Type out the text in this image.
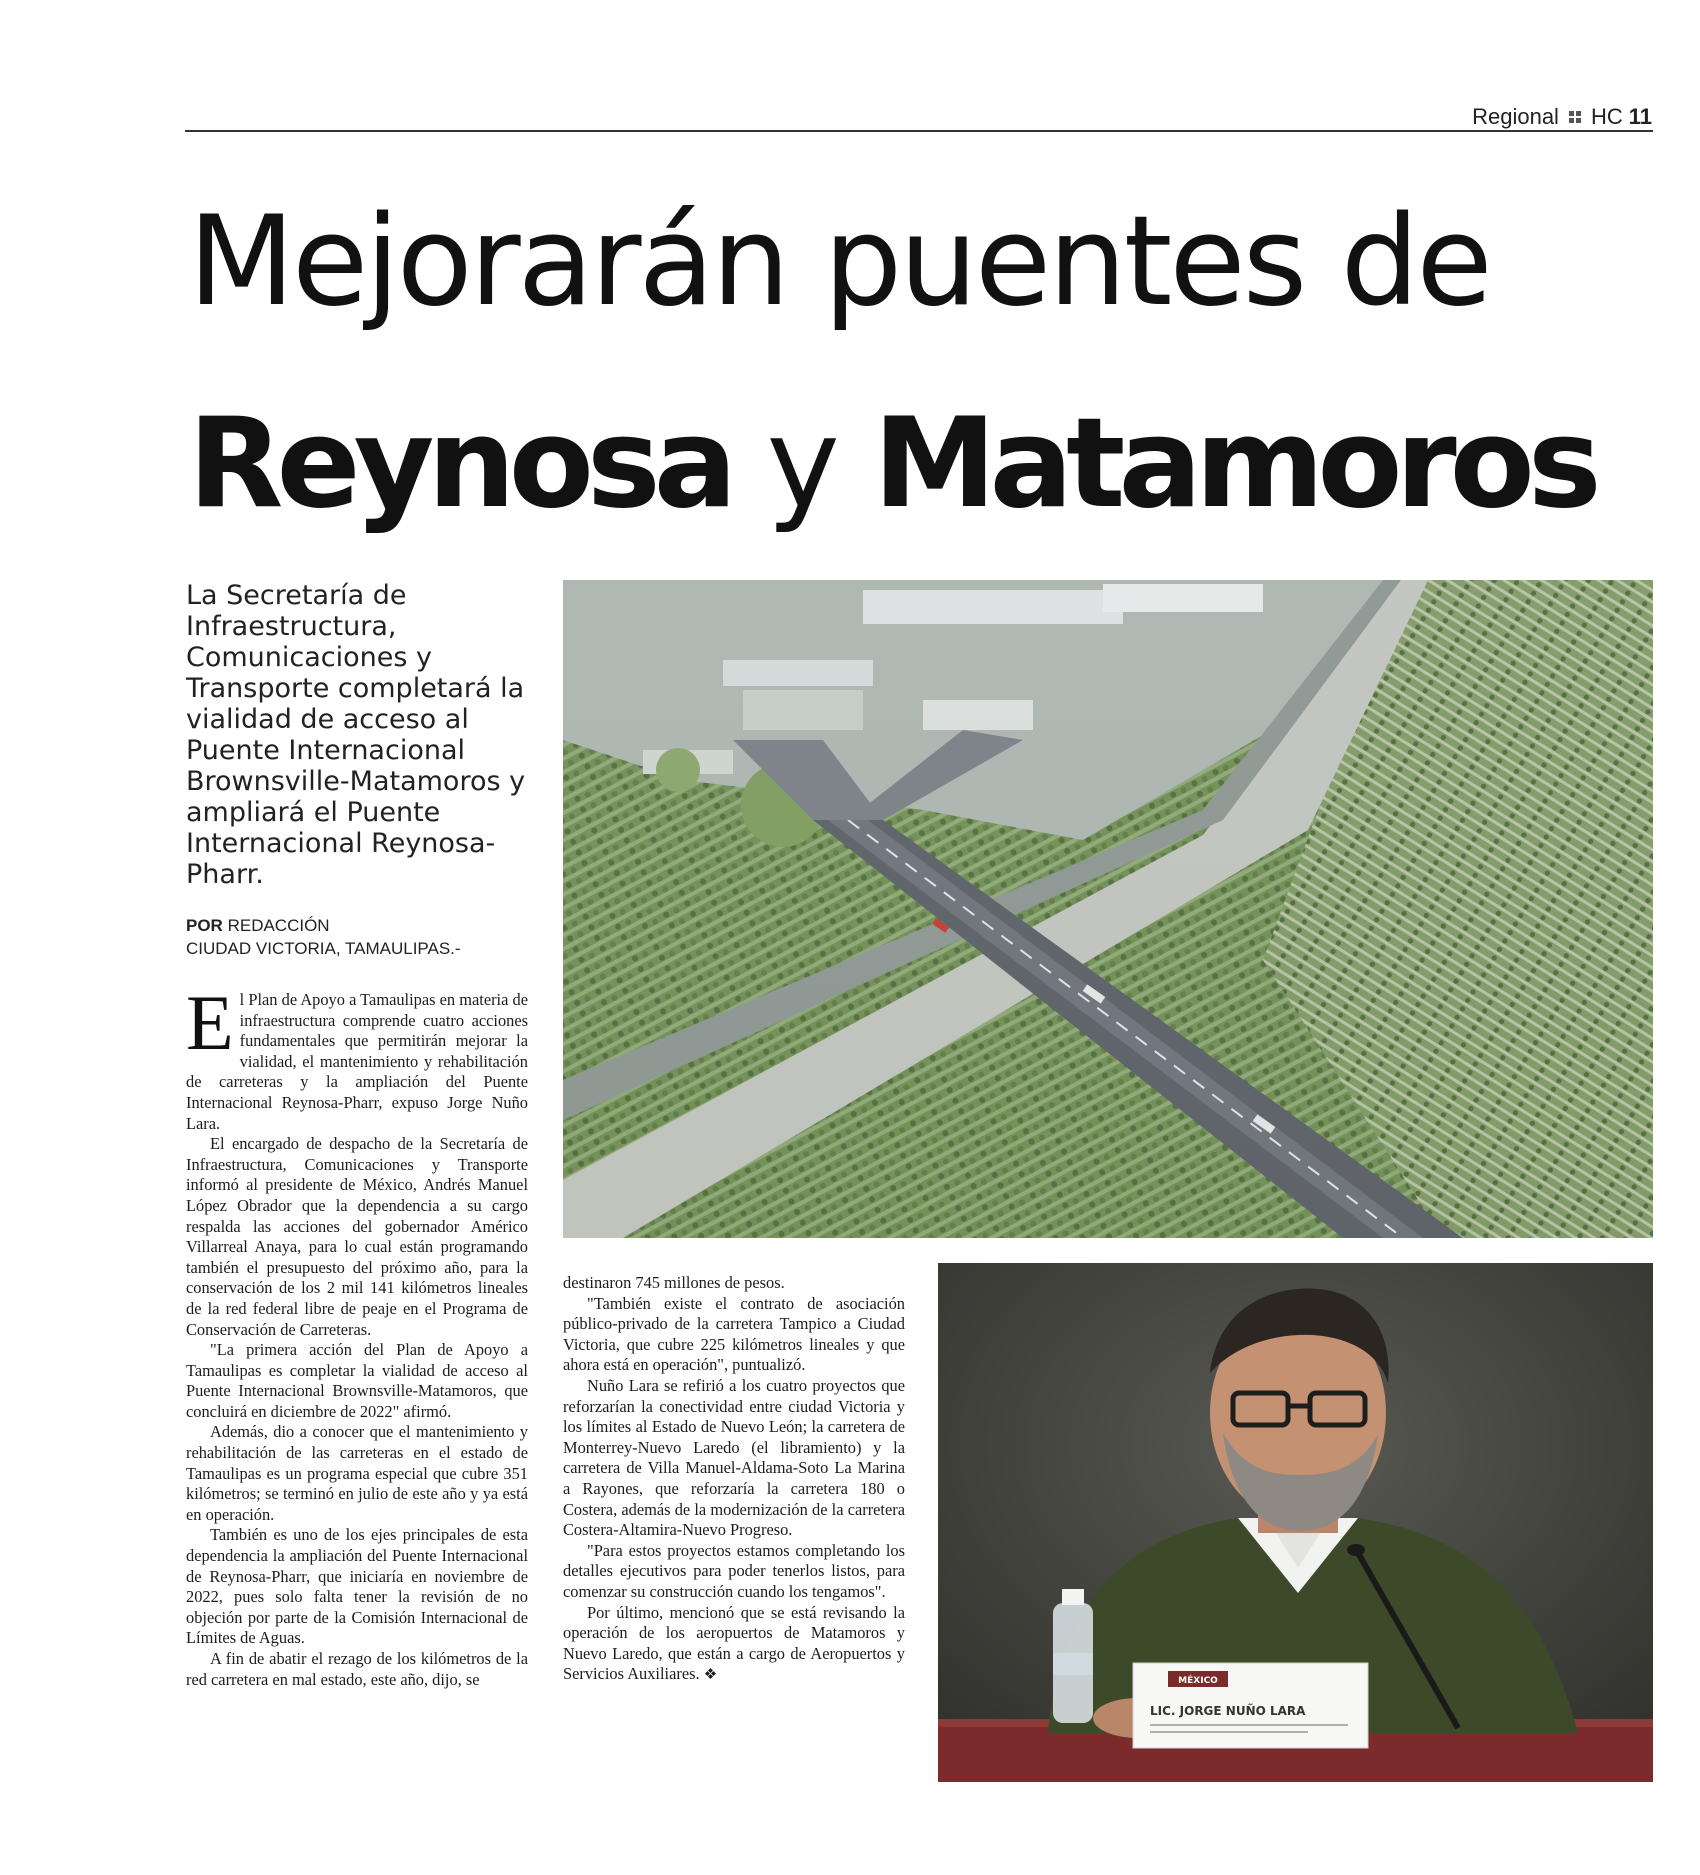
Regional HC 11
Mejorarán puentes de
Reynosa y Matamoros

La Secretaría de Infraestructura, Comunicaciones y Transporte completará la vialidad de acceso al Puente Internacional Brownsville-Matamoros y ampliará el Puente Internacional Reynosa-Pharr.

POR REDACCIÓN
CIUDAD VICTORIA, TAMAULIPAS.-

El Plan de Apoyo a Tamaulipas en materia de infraestructura comprende cuatro acciones fundamentales que permitirán mejorar la vialidad, el mantenimiento y rehabilitación de carreteras y la ampliación del Puente Internacional Reynosa-Pharr, expuso Jorge Nuño Lara.

El encargado de despacho de la Secretaría de Infraestructura, Comunicaciones y Transporte informó al presidente de México, Andrés Manuel López Obrador que la dependencia a su cargo respalda las acciones del gobernador Américo Villarreal Anaya, para lo cual están programando también el presupuesto del próximo año, para la conservación de los 2 mil 141 kilómetros lineales de la red federal libre de peaje en el Programa de Conservación de Carreteras.

"La primera acción del Plan de Apoyo a Tamaulipas es completar la vialidad de acceso al Puente Internacional Brownsville-Matamoros, que concluirá en diciembre de 2022" afirmó.

Además, dio a conocer que el mantenimiento y rehabilitación de las carreteras en el estado de Tamaulipas es un programa especial que cubre 351 kilómetros; se terminó en julio de este año y ya está en operación.

También es uno de los ejes principales de esta dependencia la ampliación del Puente Internacional de Reynosa-Pharr, que iniciaría en noviembre de 2022, pues solo falta tener la revisión de no objeción por parte de la Comisión Internacional de Límites de Aguas.

A fin de abatir el rezago de los kilómetros de la red carretera en mal estado, este año, dijo, se

destinaron 745 millones de pesos.

"También existe el contrato de asociación público-privado de la carretera Tampico a Ciudad Victoria, que cubre 225 kilómetros lineales y que ahora está en operación", puntualizó.

Nuño Lara se refirió a los cuatro proyectos que reforzarían la conectividad entre ciudad Victoria y los límites al Estado de Nuevo León; la carretera de Monterrey-Nuevo Laredo (el libramiento) y la carretera de Villa Manuel-Aldama-Soto La Marina a Rayones, que reforzaría la carretera 180 o Costera, además de la modernización de la carretera Costera-Altamira-Nuevo Progreso.

"Para estos proyectos estamos completando los detalles ejecutivos para poder tenerlos listos, para comenzar su construcción cuando los tengamos".

Por último, mencionó que se está revisando la operación de los aeropuertos de Matamoros y Nuevo Laredo, que están a cargo de Aeropuertos y Servicios Auxiliares. ❖	MÉXICO
LIC. JORGE NUÑO LARA
